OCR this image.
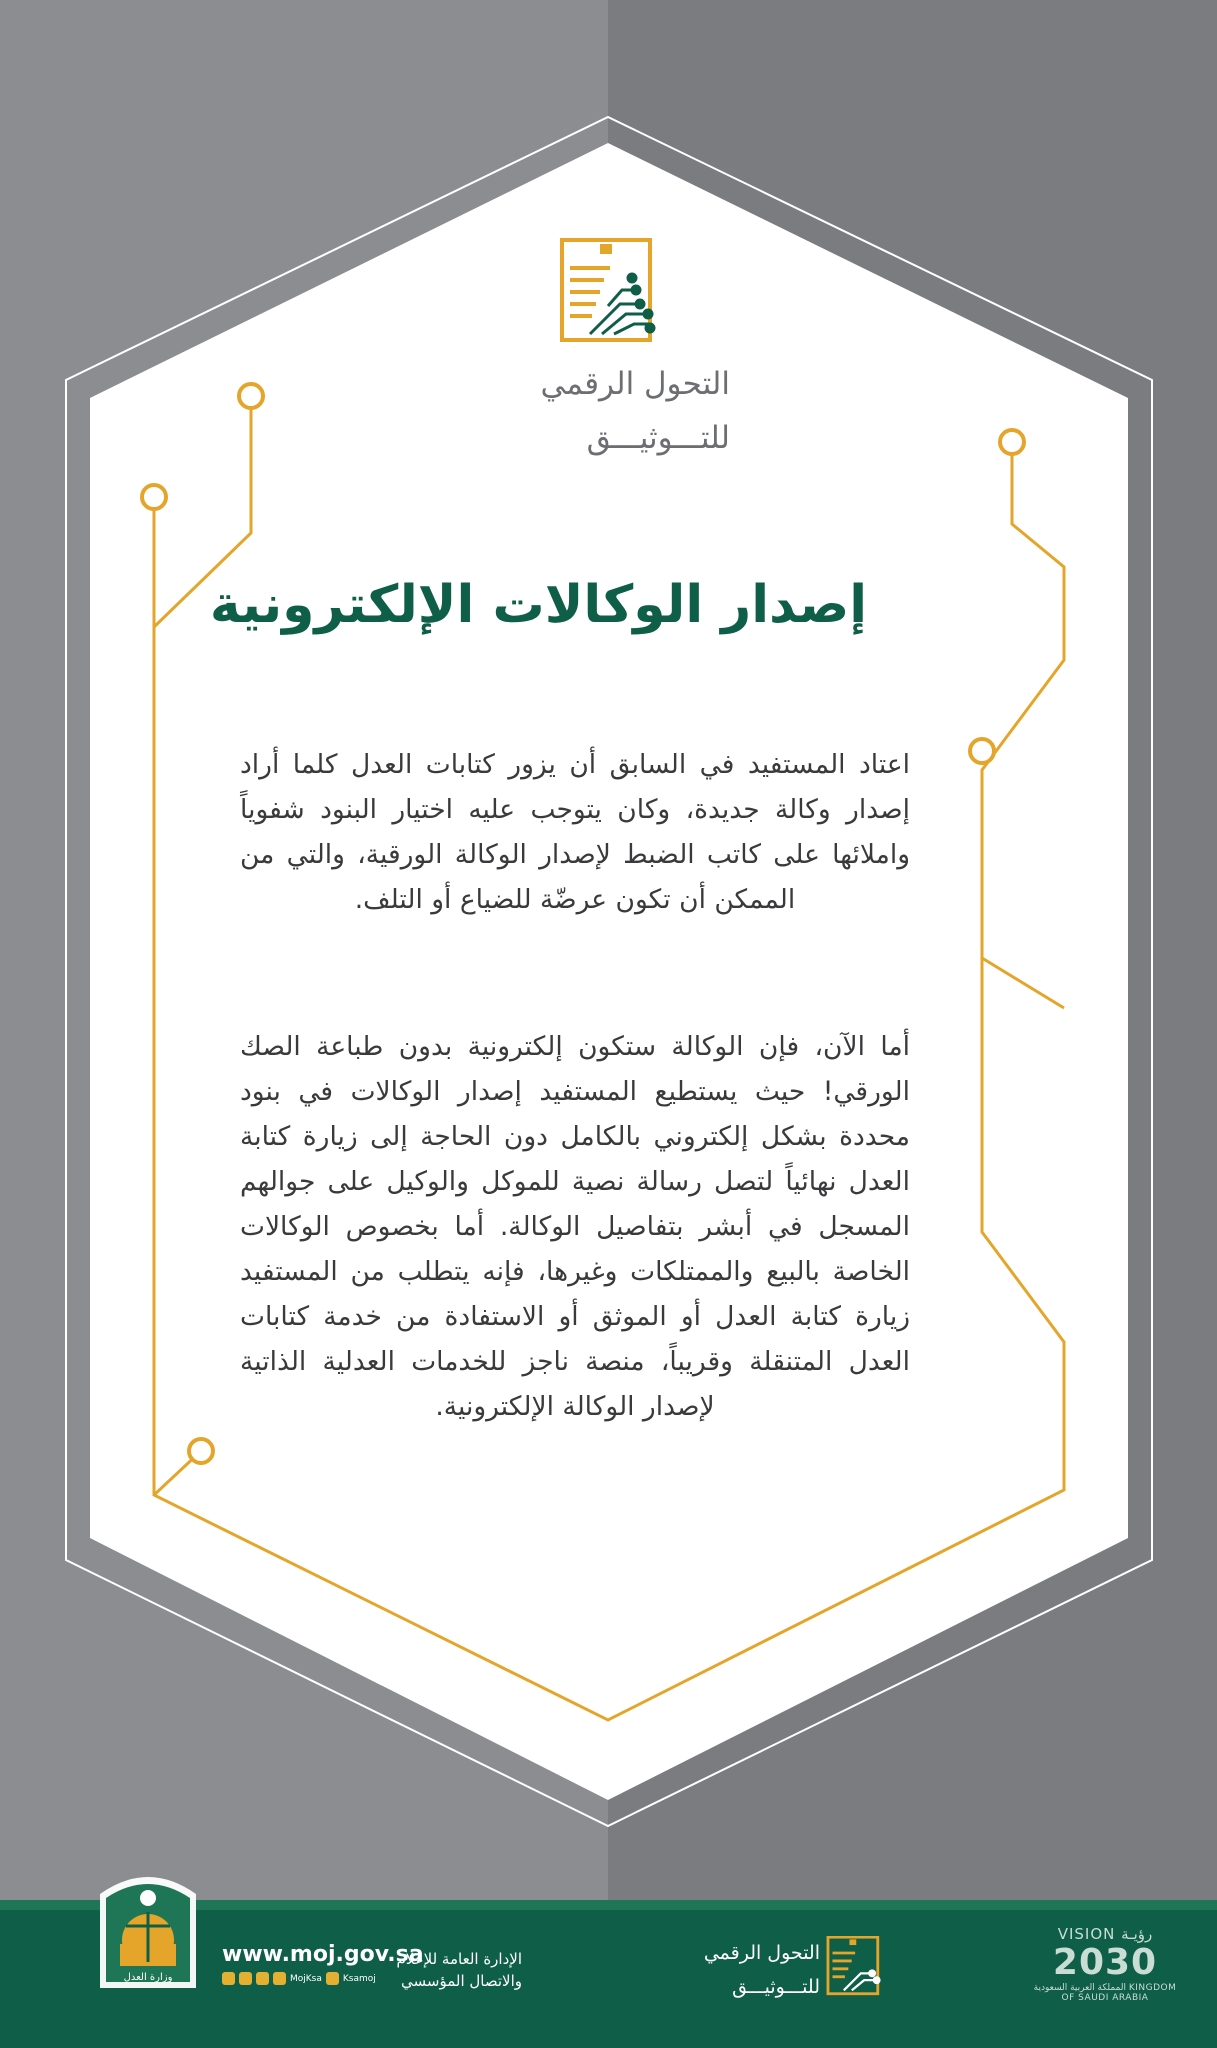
التحول الرقمي
للتـــوثيـــق
إصدار الوكالات الإلكترونية
اعتاد المستفيد في السابق أن يزور كتابات العدل كلما أراد إصدار وكالة جديدة، وكان يتوجب عليه اختيار البنود شفوياً واملائها على كاتب الضبط لإصدار الوكالة الورقية، والتي من الممكن أن تكون عرضّة للضياع أو التلف.
أما الآن، فإن الوكالة ستكون إلكترونية بدون طباعة الصك الورقي! حيث يستطيع المستفيد إصدار الوكالات في بنود محددة بشكل إلكتروني بالكامل دون الحاجة إلى زيارة كتابة العدل نهائياً لتصل رسالة نصية للموكل والوكيل على جوالهم المسجل في أبشر بتفاصيل الوكالة. أما بخصوص الوكالات الخاصة بالبيع والممتلكات وغيرها، فإنه يتطلب من المستفيد زيارة كتابة العدل أو الموثق أو الاستفادة من خدمة كتابات العدل المتنقلة وقريباً، منصة ناجز للخدمات العدلية الذاتية لإصدار الوكالة الإلكترونية.
VISION رؤيـة
2030
المملكة العربية السعودية KINGDOM OF SAUDI ARABIA
التحول الرقمي
للتـــوثيـــق
الإدارة العامة للإعلام
والاتصال المؤسسي
www.moj.gov.sa
MojKsa Ksamoj
وزارة العدل
